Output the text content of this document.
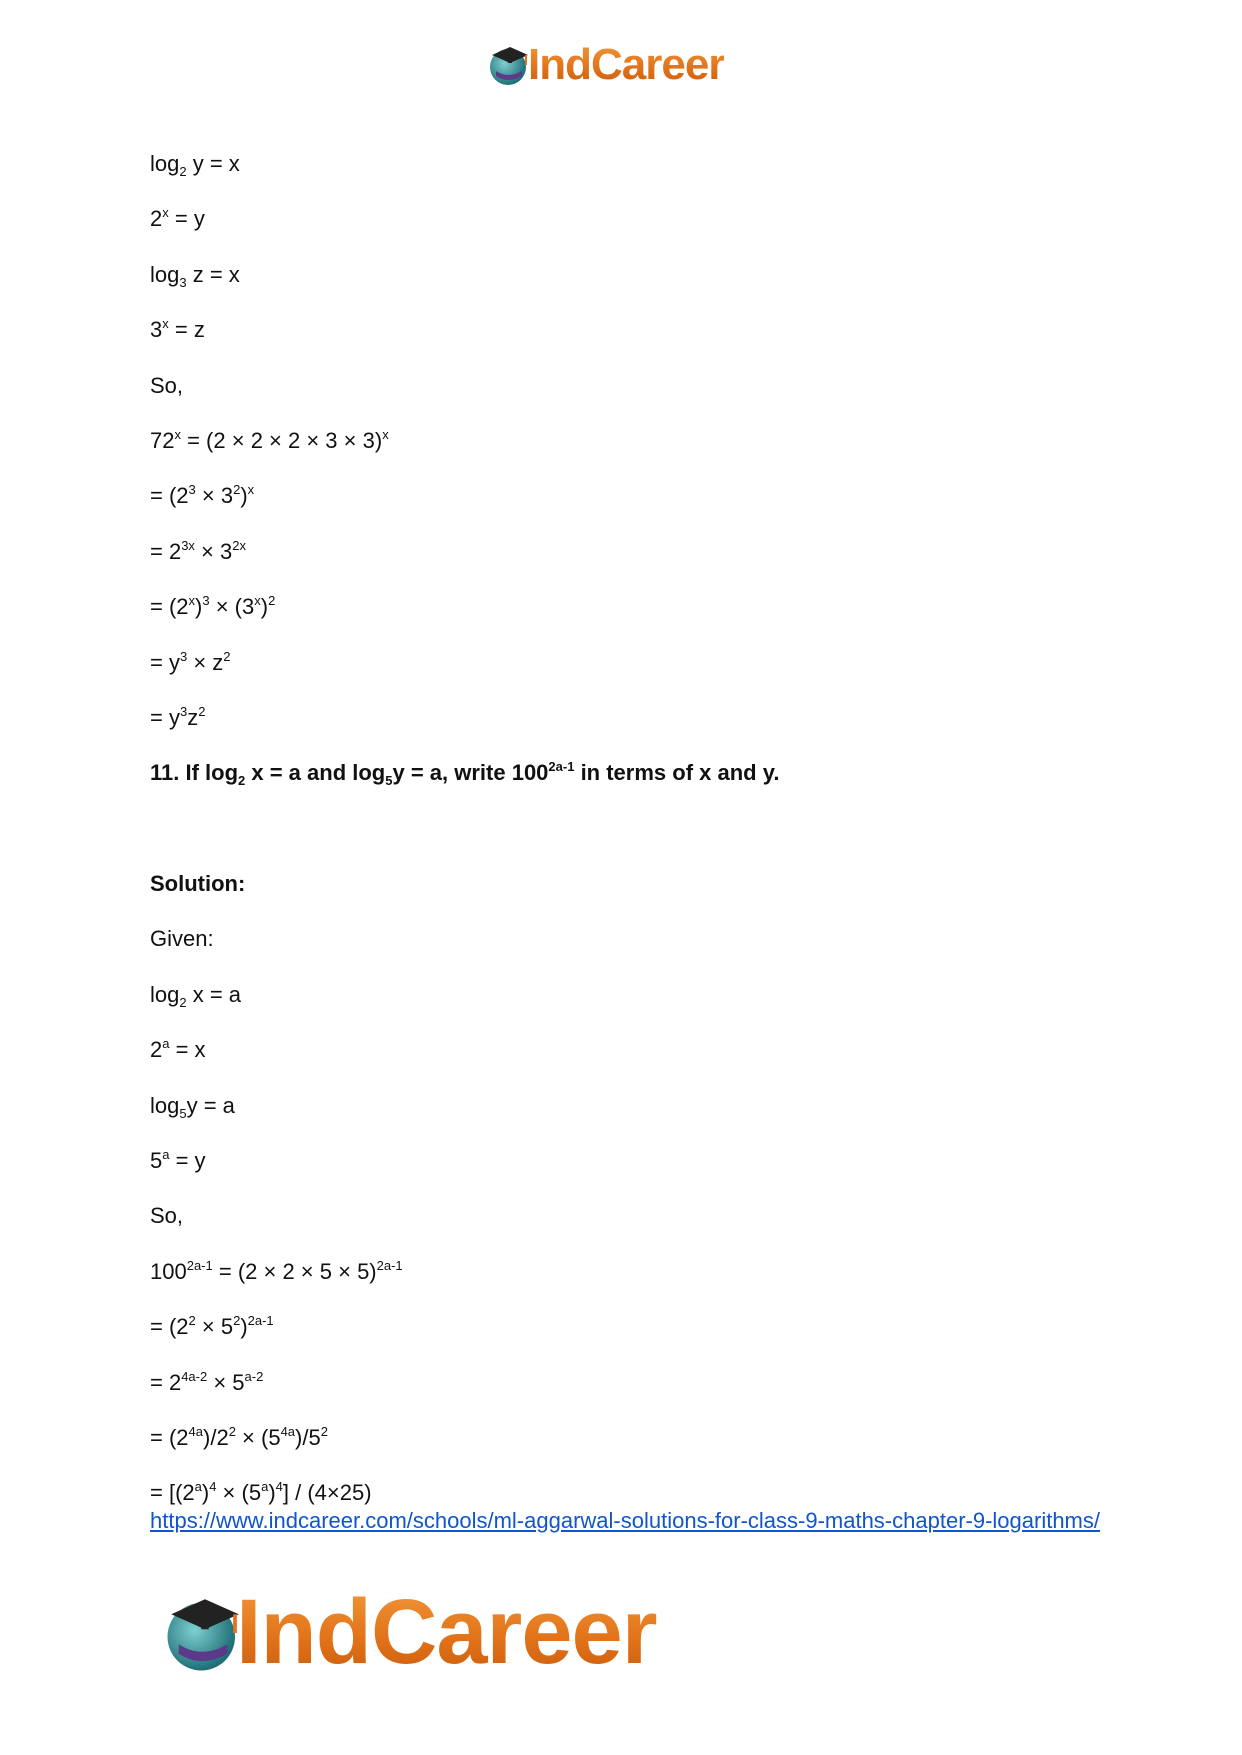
IndCareer
$\log_2 y = x$
$2^x = y$
$\log_3 z = x$
$3^x = z$
So,
$72^x = (2 \times 2 \times 2 \times 3 \times 3)^x$
= $(2^3 \times 3^2)^x$
= $2^{3x} \times 3^{2x}$
= $(2^x)^3 \times (3^x)^2$
= $y^3 \times z^2$
= $y^3z^2$
11. If $\log_2 x = a$ and $\log_5y = a$, write $100^{2a-1}$ in terms of x and y.
Solution:
Given:
$\log_2 x = a$
$2^a = x$
$\log_5y = a$
$5^a = y$
So,
$100^{2a-1} = (2 \times 2 \times 5 \times 5)^{2a-1}$
= $(2^2 \times 5^2)^{2a-1}$
= $2^{4a-2} \times 5^{a-2}$
= $(2^{4a})/2^2 \times (5^{4a})/5^2$
= $[(2^a)^4 \times (5^a)^4] / (4\times 25)$
https://www.indcareer.com/schools/ml-aggarwal-solutions-for-class-9-maths-chapter-9-logarithms/
IndCareer
